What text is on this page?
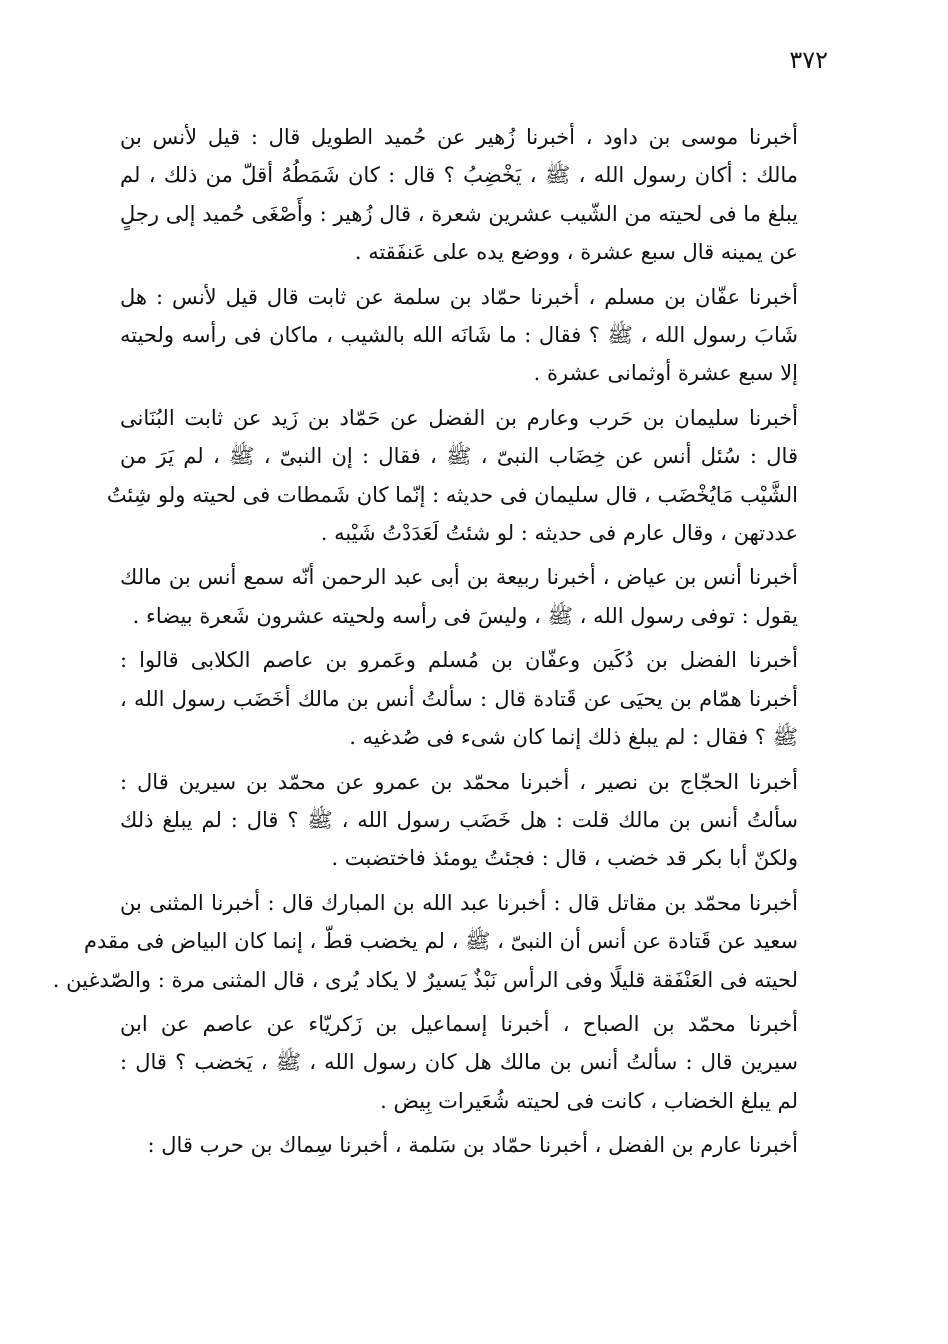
٣٧٢

أخبرنا موسى بن داود ، أخبرنا زُهير عن حُميد الطويل قال : قيل لأنس بن
مالك : أكان رسول الله ، ﷺ ، يَخْضِبُ ؟ قال : كان شَمَطُهُ أقلّ من ذلك ، لم
يبلغ ما فى لحيته من الشّيب عشرين شعرة ، قال زُهير : وأَصْغَى حُميد إلى رجلٍ
عن يمينه قال سبع عشرة ، ووضع يده على عَنفَقته .

أخبرنا عفّان بن مسلم ، أخبرنا حمّاد بن سلمة عن ثابت قال قيل لأنس : هل
شَابَ رسول الله ، ﷺ ؟ فقال : ما شَانَه الله بالشيب ، ماكان فى رأسه ولحيته
إلا سبع عشرة أوثمانى عشرة .

أخبرنا سليمان بن حَرب وعارم بن الفضل عن حَمّاد بن زَيد عن ثابت البُنَانى
قال : سُئل أنس عن خِضَاب النبىّ ، ﷺ ، فقال : إن النبىّ ، ﷺ ، لم يَرَ من
الشَّيْب مَايُخْضَب ، قال سليمان فى حديثه : إنّما كان شَمطات فى لحيته ولو شِئتُ
عددتهن ، وقال عارم فى حديثه : لو شئتُ لَعَدَدْتُ شَيْبه .

أخبرنا أنس بن عياض ، أخبرنا ربيعة بن أبى عبد الرحمن أنّه سمع أنس بن مالك
يقول : توفى رسول الله ، ﷺ ، وليسَ فى رأسه ولحيته عشرون شَعرة بيضاء .

أخبرنا الفضل بن دُكَين وعفّان بن مُسلم وعَمرو بن عاصم الكلابى قالوا :
أخبرنا همّام بن يحيَى عن قَتادة قال : سألتُ أنس بن مالك أخَضَب رسول الله ،
ﷺ ؟ فقال : لم يبلغ ذلك إنما كان شىء فى صُدغيه .

أخبرنا الحجّاج بن نصير ، أخبرنا محمّد بن عمرو عن محمّد بن سيرين قال :
سألتُ أنس بن مالك قلت : هل خَضَب رسول الله ، ﷺ ؟ قال : لم يبلغ ذلك
ولكنّ أبا بكر قد خضب ، قال : فجئتُ يومئذ فاختضبت .

أخبرنا محمّد بن مقاتل قال : أخبرنا عبد الله بن المبارك قال : أخبرنا المثنى بن
سعيد عن قَتادة عن أنس أن النبىّ ، ﷺ ، لم يخضب قطّ ، إنما كان البياض فى مقدم
لحيته فى العَنْفَقة قليلًا وفى الرأس نَبْذٌ يَسيرٌ لا يكاد يُرى ، قال المثنى مرة : والصّدغين .

أخبرنا محمّد بن الصباح ، أخبرنا إسماعيل بن زَكريّاء عن عاصم عن ابن
سيرين قال : سألتُ أنس بن مالك هل كان رسول الله ، ﷺ ، يَخضب ؟ قال :
لم يبلغ الخضاب ، كانت فى لحيته شُعَيرات بِيض .

أخبرنا عارم بن الفضل ، أخبرنا حمّاد بن سَلمة ، أخبرنا سِماك بن حرب قال :
